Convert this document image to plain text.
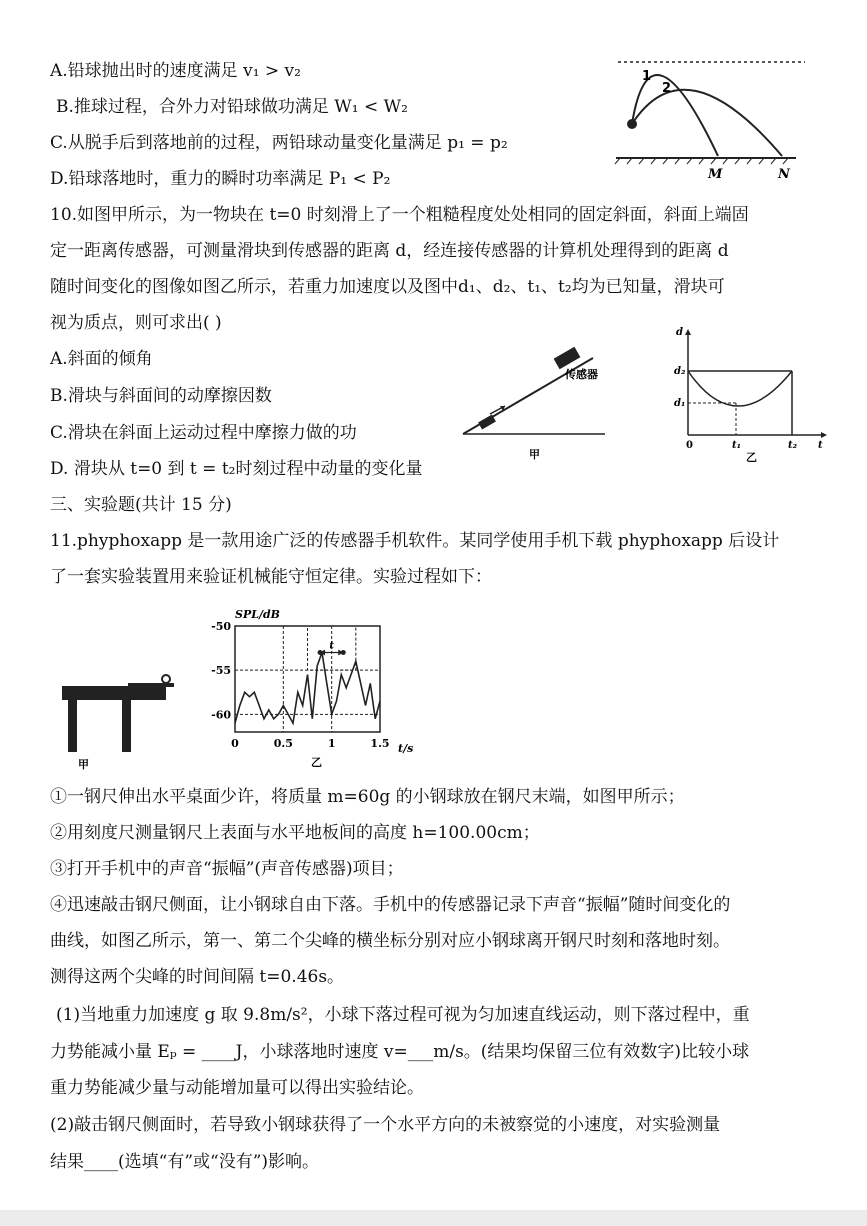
A.铅球抛出时的速度满足 v₁ > v₂
B.推球过程，合外力对铅球做功满足 W₁ < W₂
C.从脱手后到落地前的过程，两铅球动量变化量满足 p₁ = p₂
D.铅球落地时，重力的瞬时功率满足 P₁ < P₂
10.如图甲所示，为一物块在 t=0 时刻滑上了一个粗糙程度处处相同的固定斜面，斜面上端固
定一距离传感器，可测量滑块到传感器的距离 d，经连接传感器的计算机处理得到的距离 d
随时间变化的图像如图乙所示，若重力加速度以及图中d₁、d₂、t₁、t₂均为已知量，滑块可
视为质点，则可求出( )
A.斜面的倾角
B.滑块与斜面间的动摩擦因数
C.滑块在斜面上运动过程中摩擦力做的功
D. 滑块从 t=0 到 t = t₂时刻过程中动量的变化量
三、实验题(共计 15 分)
11.phyphoxapp 是一款用途广泛的传感器手机软件。某同学使用手机下载 phyphoxapp 后设计
了一套实验装置用来验证机械能守恒定律。实验过程如下：
①一钢尺伸出水平桌面少许，将质量 m=60g 的小钢球放在钢尺末端，如图甲所示；
②用刻度尺测量钢尺上表面与水平地板间的高度 h=100.00cm；
③打开手机中的声音“振幅”(声音传感器)项目；
④迅速敲击钢尺侧面，让小钢球自由下落。手机中的传感器记录下声音“振幅”随时间变化的
曲线，如图乙所示，第一、第二个尖峰的横坐标分别对应小钢球离开钢尺时刻和落地时刻。
测得这两个尖峰的时间间隔 t=0.46s。
(1)当地重力加速度 g 取 9.8m/s²，小球下落过程可视为匀加速直线运动，则下落过程中，重
力势能减小量 Eₚ = ____J，小球落地时速度 v=___m/s。(结果均保留三位有效数字)比较小球
重力势能减少量与动能增加量可以得出实验结论。
(2)敲击钢尺侧面时，若导致小钢球获得了一个水平方向的未被察觉的小速度，对实验测量
结果____(选填“有”或“没有”)影响。
1
2
M	N
传感器
甲
d
d₂
d₁
0	t₁	t₂ t
乙
甲
-50
-55
-60
0	0.5	1	1.5
t
SPL/dB
t/s
乙
